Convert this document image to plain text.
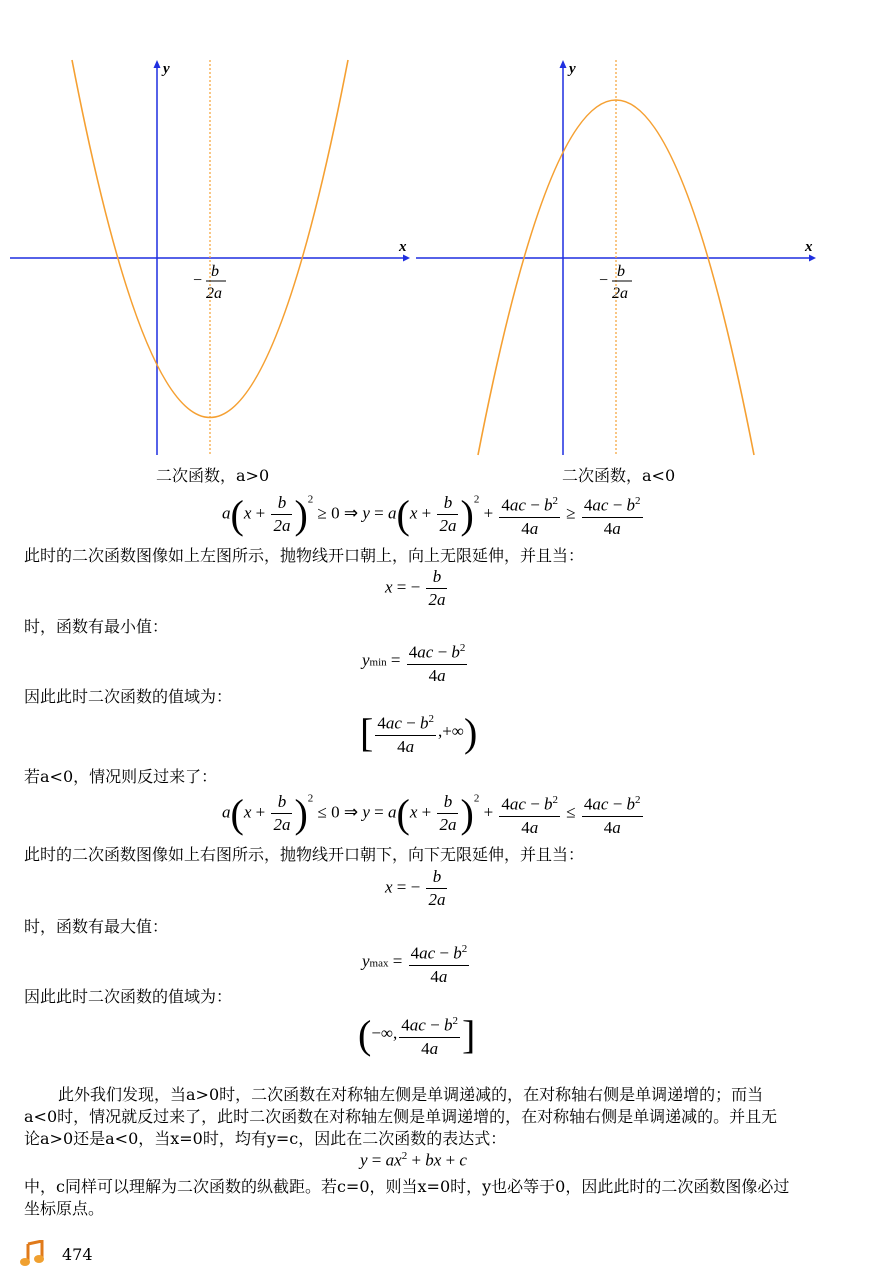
x
y
−
b
2a
x
y
−
b
2a
二次函数，a>0	二次函数，a<0
$a(x + \frac{b}{2a} )^2 \ge 0$ ⇒ $y = a(x + \frac{b}{2a} )^2 + \frac{4ac - b^2}{4a} \ge \frac{4ac - b^2}{4a}$
此时的二次函数图像如上左图所示，抛物线开口朝上，向上无限延伸，并且当：
x = − $\frac{b}{2a}$
时，函数有最小值：
$ymin = \frac{4ac - b^2}{4a}$
因此此时二次函数的值域为：
[ $\frac{4ac - b^2}{4a}$ ,+∞)
若a<0，情况则反过来了：
$a(x + \frac{b}{2a} )^2 \le 0$ ⇒ $y = a(x + \frac{b}{2a} )^2 + \frac{4ac - b^2}{4a} \le \frac{4ac - b^2}{4a}$
此时的二次函数图像如上右图所示，抛物线开口朝下，向下无限延伸，并且当：
x = − $\frac{b}{2a}$
时，函数有最大值：
$ymax = \frac{4ac - b^2}{4a}$
因此此时二次函数的值域为：
(−∞, $\frac{4ac - b^2}{4a}$ ]
此外我们发现，当a>0时，二次函数在对称轴左侧是单调递减的，在对称轴右侧是单调递增的；而当
a<0时，情况就反过来了，此时二次函数在对称轴左侧是单调递增的，在对称轴右侧是单调递减的。并且无
论a>0还是a<0，当x=0时，均有y=c，因此在二次函数的表达式：
$y = ax^2$ + bx + c
中，c同样可以理解为二次函数的纵截距。若c=0，则当x=0时，y也必等于0，因此此时的二次函数图像必过
坐标原点。
474
